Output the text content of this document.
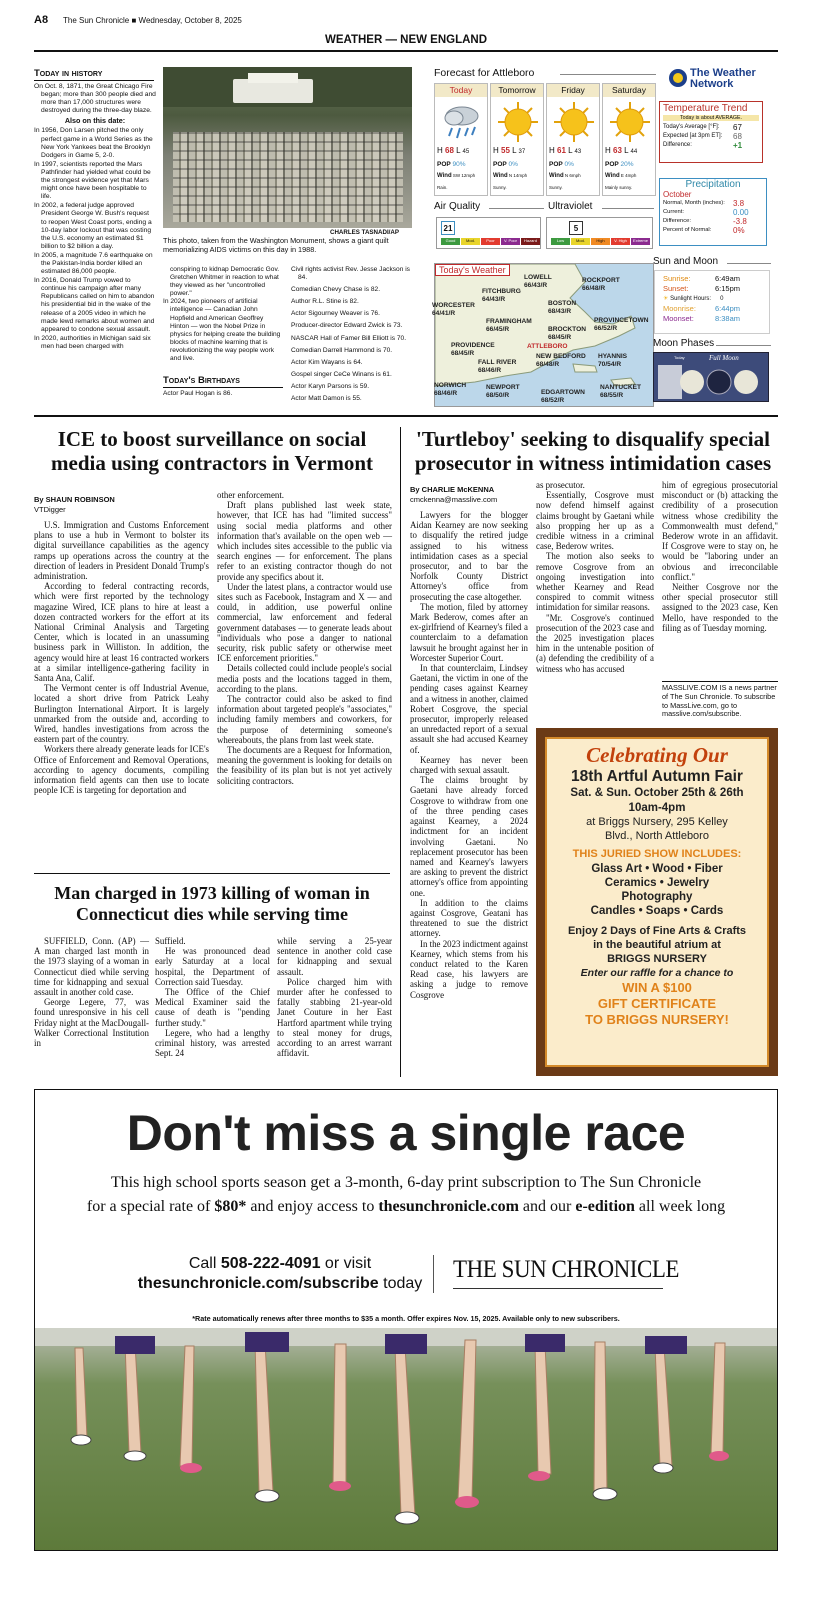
A8 The Sun Chronicle ■ Wednesday, October 8, 2025
WEATHER — NEW ENGLAND
Today in history

On Oct. 8, 1871, the Great Chicago Fire began; more than 300 people died and more than 17,000 structures were destroyed during the three-day blaze.

Also on this date:

In 1956, Don Larsen pitched the only perfect game in a World Series as the New York Yankees beat the Brooklyn Dodgers in Game 5, 2-0.

In 1997, scientists reported the Mars Pathfinder had yielded what could be the strongest evidence yet that Mars might once have been hospitable to life.

In 2002, a federal judge approved President George W. Bush's request to reopen West Coast ports, ending a 10-day labor lockout that was costing the U.S. economy an estimated $1 billion to $2 billion a day.

In 2005, a magnitude 7.6 earthquake on the Pakistan-India border killed an estimated 86,000 people.

In 2016, Donald Trump vowed to continue his campaign after many Republicans called on him to abandon his presidential bid in the wake of the release of a 2005 video in which he made lewd remarks about women and appeared to condone sexual assault.

In 2020, authorities in Michigan said six men had been charged with

CHARLES TASNADI/AP
This photo, taken from the Washington Monument, shows a giant quilt memorializing AIDS victims on this day in 1988.

conspiring to kidnap Democratic Gov. Gretchen Whitmer in reaction to what they viewed as her "uncontrolled power."

In 2024, two pioneers of artificial intelligence — Canadian John Hopfield and American Geoffrey Hinton — won the Nobel Prize in physics for helping create the building blocks of machine learning that is revolutionizing the way people work and live.

Today's Birthdays

Actor Paul Hogan is 86.

Civil rights activist Rev. Jesse Jackson is 84.

Comedian Chevy Chase is 82.

Author R.L. Stine is 82.

Actor Sigourney Weaver is 76.

Producer-director Edward Zwick is 73.

NASCAR Hall of Famer Bill Elliott is 70.

Comedian Darrell Hammond is 70.

Actor Kim Wayans is 64.

Gospel singer CeCe Winans is 61.

Actor Karyn Parsons is 59.

Actor Matt Damon is 55.

Forecast for Attleboro
Today
H 68 L 45
POP 90%
Wind SW 12mph
Rain.
Tomorrow
H 55 L 37
POP 0%
Wind N 14mph
Sunny.
Friday
H 61 L 43
POP 0%
Wind N 6mph
Sunny.
Saturday
H 63 L 44
POP 20%
Wind E 4mph
Mainly sunny.
The Weather
Network
Temperature Trend
Today is about AVERAGE.
Today's Average [°F]: 67
Expected [at 3pm ET]: 68
Difference:	+1
Precipitation
October
Normal, Month (inches): 3.8
Current:	0.00
Difference:	-3.8
Percent of Normal:	0%
Air Quality
21
Good	Mod.	Poor	V. Poor	Hazard
Ultraviolet
5
Low	Mod.	High	V. High	Extreme
Today's Weather
LOWELL
66/43/R
ROCKPORT
66/48/R
FITCHBURG
64/43/R
WORCESTER
64/41/R
BOSTON
68/43/R
FRAMINGHAM
66/45/R
PROVINCETOWN
66/52/R
BROCKTON
68/45/R
PROVIDENCE
68/45/R
ATTLEBORO
NEW BEDFORD
68/48/R
FALL RIVER
68/46/R
HYANNIS
70/54/R
NORWICH
68/46/R
NEWPORT
68/50/R	EDGARTOWN
68/52/R
NANTUCKET
68/55/R
Sun and Moon
Sunrise:	6:49am
Sunset:	6:15pm
☀ Sunlight Hours: 0
Moonrise:	6:44pm
Moonset:	8:38am
Moon Phases
Today	Full Moon
ICE to boost surveillance on social media using contractors in Vermont
By SHAUN ROBINSON
VTDigger

U.S. Immigration and Customs Enforcement plans to use a hub in Vermont to bolster its digital surveillance capabilities as the agency ramps up operations across the country at the direction of leaders in President Donald Trump's administration.

According to federal contracting records, which were first reported by the technology magazine Wired, ICE plans to hire at least a dozen contracted workers for the effort at its National Criminal Analysis and Targeting Center, which is located in an unassuming business park in Williston. In addition, the agency would hire at least 16 contracted workers at a similar intelligence-gathering facility in Santa Ana, Calif.

The Vermont center is off Industrial Avenue, located a short drive from Patrick Leahy Burlington International Airport. It is largely unmarked from the outside and, according to Wired, handles investigations from across the eastern part of the country.

Workers there already generate leads for ICE's Office of Enforcement and Removal Operations, according to agency documents, compiling information field agents can then use to locate people ICE is targeting for deportation and

other enforcement.

Draft plans published last week state, however, that ICE has had "limited success" using social media platforms and other information that's available on the open web — which includes sites accessible to the public via search engines — for enforcement. The plans refer to an existing contractor though do not provide any specifics about it.

Under the latest plans, a contractor would use sites such as Facebook, Instagram and X — and could, in addition, use powerful online commercial, law enforcement and federal government databases — to generate leads about "individuals who pose a danger to national security, risk public safety or otherwise meet ICE enforcement priorities."

Details collected could include people's social media posts and the locations tagged in them, according to the plans.

The contractor could also be asked to find information about targeted people's "associates," including family members and coworkers, for the purpose of determining someone's whereabouts, the plans from last week state.

The documents are a Request for Information, meaning the government is looking for details on the feasibility of its plan but is not yet actively soliciting contractors.

'Turtleboy' seeking to disqualify special prosecutor in witness intimidation cases
By CHARLIE McKENNA
cmckenna@masslive.com

Lawyers for the blogger Aidan Kearney are now seeking to disqualify the retired judge assigned to his witness intimidation cases as a special prosecutor, and to bar the Norfolk County District Attorney's office from prosecuting the case altogether.

The motion, filed by attorney Mark Bederow, comes after an ex-girlfriend of Kearney's filed a counterclaim to a defamation lawsuit he brought against her in Worcester Superior Court.

In that counterclaim, Lindsey Gaetani, the victim in one of the pending cases against Kearney and a witness in another, claimed Robert Cosgrove, the special prosecutor, improperly released an unredacted report of a sexual assault she had accused Kearney of.

Kearney has never been charged with sexual assault.

The claims brought by Gaetani have already forced Cosgrove to withdraw from one of the three pending cases against Kearney, a 2024 indictment for an incident involving Gaetani. No replacement prosecutor has been named and Kearney's lawyers are asking to prevent the district attorney's office from appointing one.

In addition to the claims against Cosgrove, Geatani has threatened to sue the district attorney.

In the 2023 indictment against Kearney, which stems from his conduct related to the Karen Read case, his lawyers are asking a judge to remove Cosgrove

as prosecutor.

Essentially, Cosgrove must now defend himself against claims brought by Gaetani while also propping her up as a credible witness in a criminal case, Bederow writes.

The motion also seeks to remove Cosgrove from an ongoing investigation into whether Kearney and Read conspired to commit witness intimidation for similar reasons.

"Mr. Cosgrove's continued prosecution of the 2023 case and the 2025 investigation places him in the untenable position of (a) defending the credibility of a witness who has accused

him of egregious prosecutorial misconduct or (b) attacking the credibility of a prosecution witness whose credibility the Commonwealth must defend," Bederow wrote in an affidavit. If Cosgrove were to stay on, he would be "laboring under an obvious and irreconcilable conflict."

Neither Cosgrove nor the other special prosecutor still assigned to the 2023 case, Ken Mello, have responded to the filing as of Tuesday morning.

MASSLIVE.COM IS a news partner of The Sun Chronicle. To subscribe to MassLive.com, go to masslive.com/subscribe.
Celebrating Our
18th Artful Autumn Fair
Sat. & Sun. October 25th & 26th
10am-4pm
at Briggs Nursery, 295 Kelley
Blvd., North Attleboro
THIS JURIED SHOW INCLUDES:
Glass Art • Wood • Fiber
Ceramics • Jewelry
Photography
Candles • Soaps • Cards
Enjoy 2 Days of Fine Arts & Crafts
in the beautiful atrium at
BRIGGS NURSERY
Enter our raffle for a chance to
WIN A $100
GIFT CERTIFICATE
TO BRIGGS NURSERY!
Man charged in 1973 killing of woman in Connecticut dies while serving time

SUFFIELD, Conn. (AP) — A man charged last month in the 1973 slaying of a woman in Connecticut died while serving time for kidnapping and sexual assault in another cold case.

George Legere, 77, was found unresponsive in his cell Friday night at the MacDougall-Walker Correctional Institution in

Suffield.

He was pronounced dead early Saturday at a local hospital, the Department of Correction said Tuesday.

The Office of the Chief Medical Examiner said the cause of death is "pending further study."

Legere, who had a lengthy criminal history, was arrested Sept. 24

while serving a 25-year sentence in another cold case for kidnapping and sexual assault.

Police charged him with murder after he confessed to fatally stabbing 21-year-old Janet Couture in her East Hartford apartment while trying to steal money for drugs, according to an arrest warrant affidavit.

Don't miss a single race
This high school sports season get a 3-month, 6-day print subscription to The Sun Chronicle
for a special rate of $80* and enjoy access to thesunchronicle.com and our e-edition all week long
Call 508-222-4091 or visit
thesunchronicle.com/subscribe today
THE SUN CHRONICLE
*Rate automatically renews after three months to $35 a month. Offer expires Nov. 15, 2025. Available only to new subscribers.
